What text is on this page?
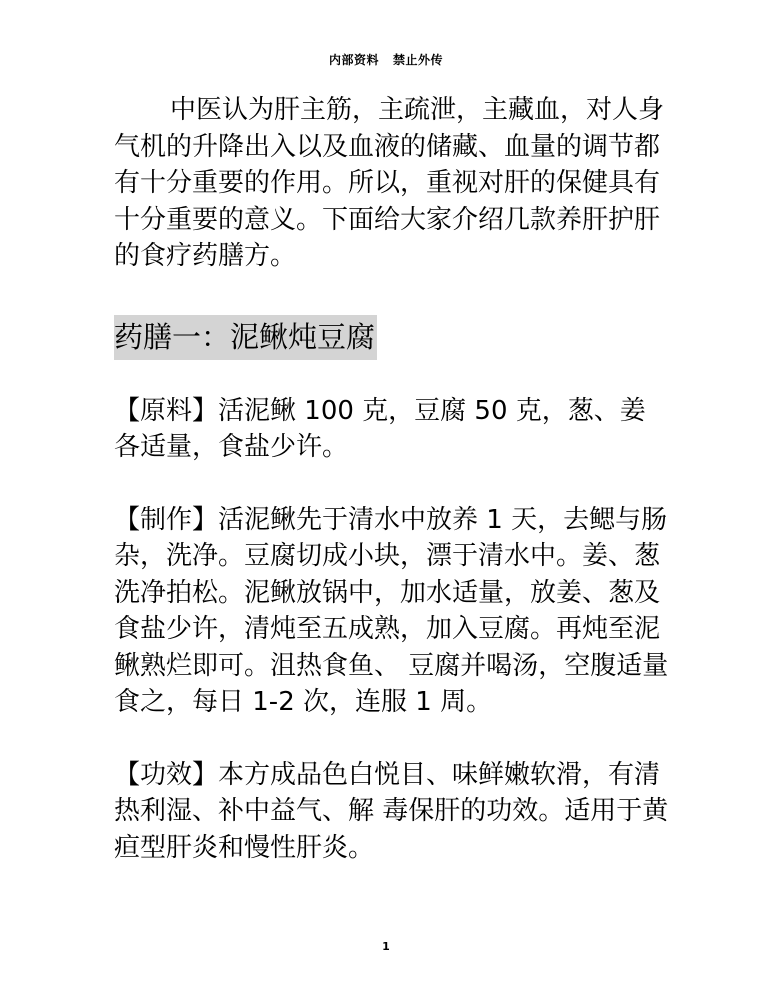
内部资料   禁止外传

中医认为肝主筋，主疏泄，主藏血，对人身气机的升降出入以及血液的储藏、血量的调节都有十分重要的作用。所以，重视对肝的保健具有十分重要的意义。下面给大家介绍几款养肝护肝的食疗药膳方。

药膳一：泥鳅炖豆腐

【原料】活泥鳅 100 克，豆腐 50 克，葱、姜各适量，食盐少许。

【制作】活泥鳅先于清水中放养 1 天，去鳃与肠杂，洗净。豆腐切成小块，漂于清水中。姜、葱洗净拍松。泥鳅放锅中，加水适量，放姜、葱及 食盐少许，清炖至五成熟，加入豆腐。再炖至泥鳅熟烂即可。沮热食鱼、 豆腐并喝汤，空腹适量食之，每日 1-2 次，连服 1 周。

【功效】本方成品色白悦目、味鲜嫩软滑，有清热利湿、补中益气、解 毒保肝的功效。适用于黄疸型肝炎和慢性肝炎。

1
